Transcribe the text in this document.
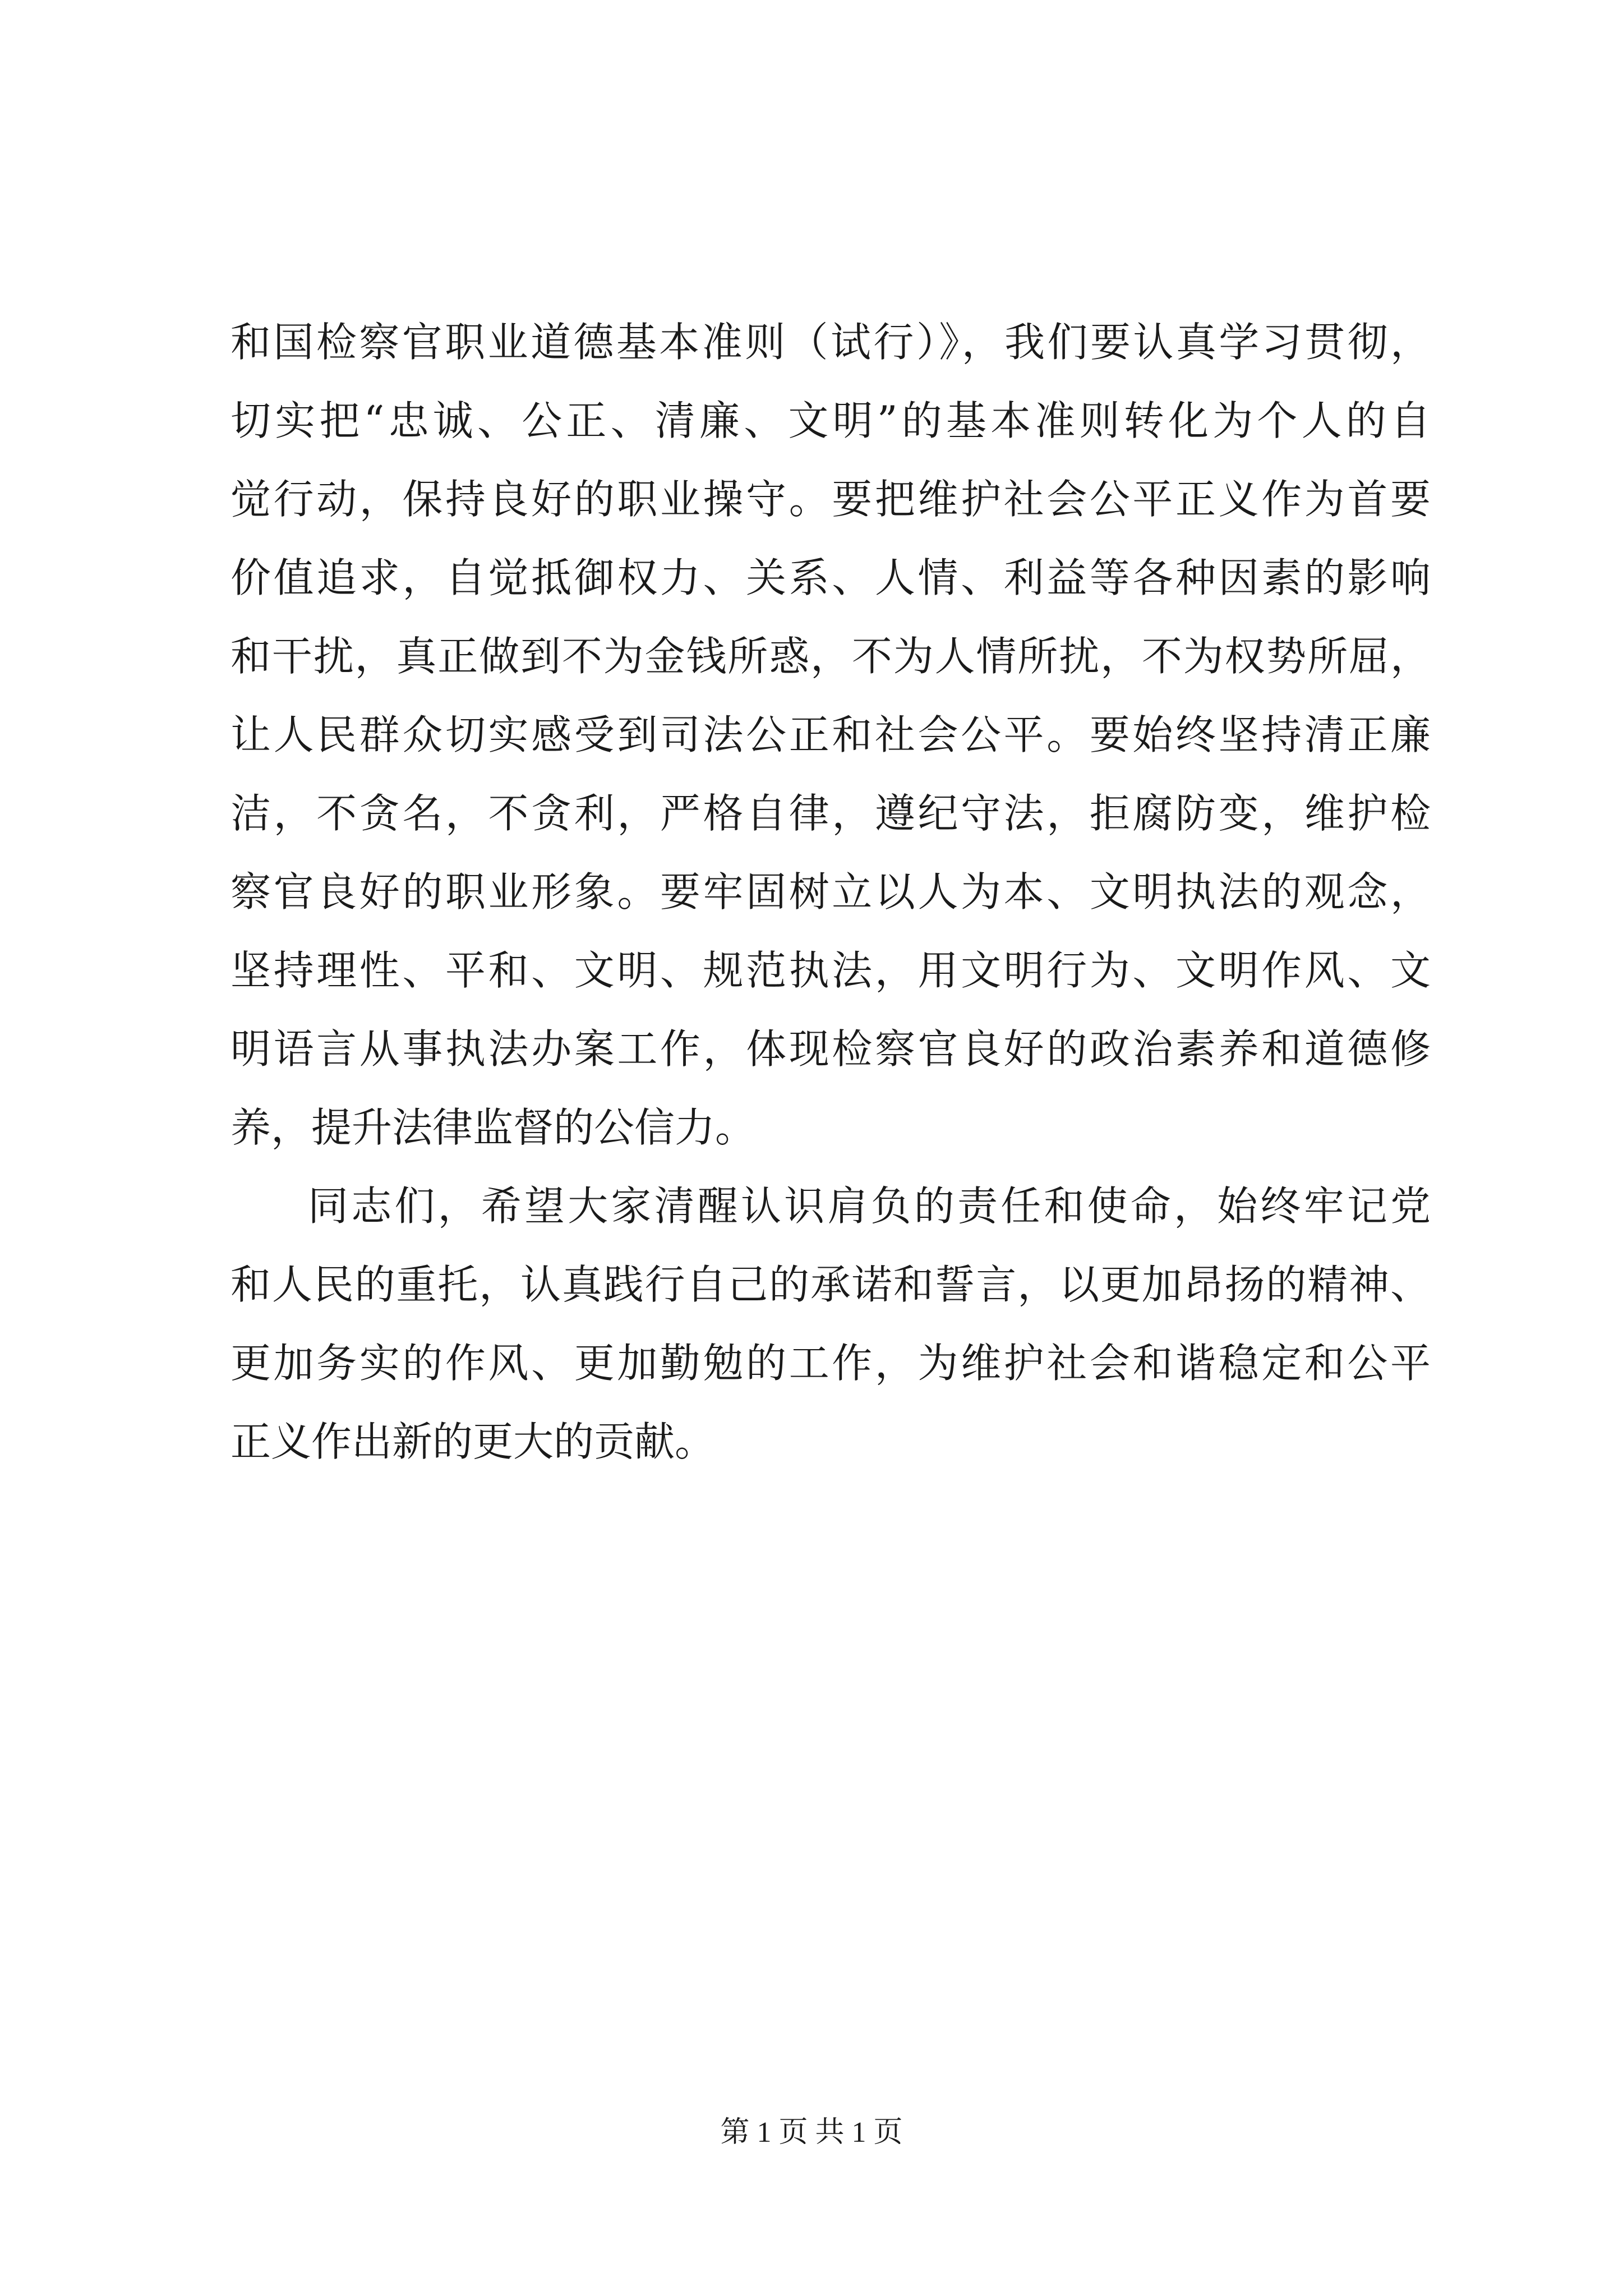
和国检察官职业道德基本准则（试行）》，我们要认真学习贯彻，
切实把“忠诚、公正、清廉、文明”的基本准则转化为个人的自
觉行动，保持良好的职业操守。要把维护社会公平正义作为首要
价值追求，自觉抵御权力、关系、人情、利益等各种因素的影响
和干扰，真正做到不为金钱所惑，不为人情所扰，不为权势所屈，
让人民群众切实感受到司法公正和社会公平。要始终坚持清正廉
洁，不贪名，不贪利，严格自律，遵纪守法，拒腐防变，维护检
察官良好的职业形象。要牢固树立以人为本、文明执法的观念，
坚持理性、平和、文明、规范执法，用文明行为、文明作风、文
明语言从事执法办案工作，体现检察官良好的政治素养和道德修
养，提升法律监督的公信力。
同志们，希望大家清醒认识肩负的责任和使命，始终牢记党
和人民的重托，认真践行自己的承诺和誓言，以更加昂扬的精神、
更加务实的作风、更加勤勉的工作，为维护社会和谐稳定和公平
正义作出新的更大的贡献。
第 1 页 共 1 页
